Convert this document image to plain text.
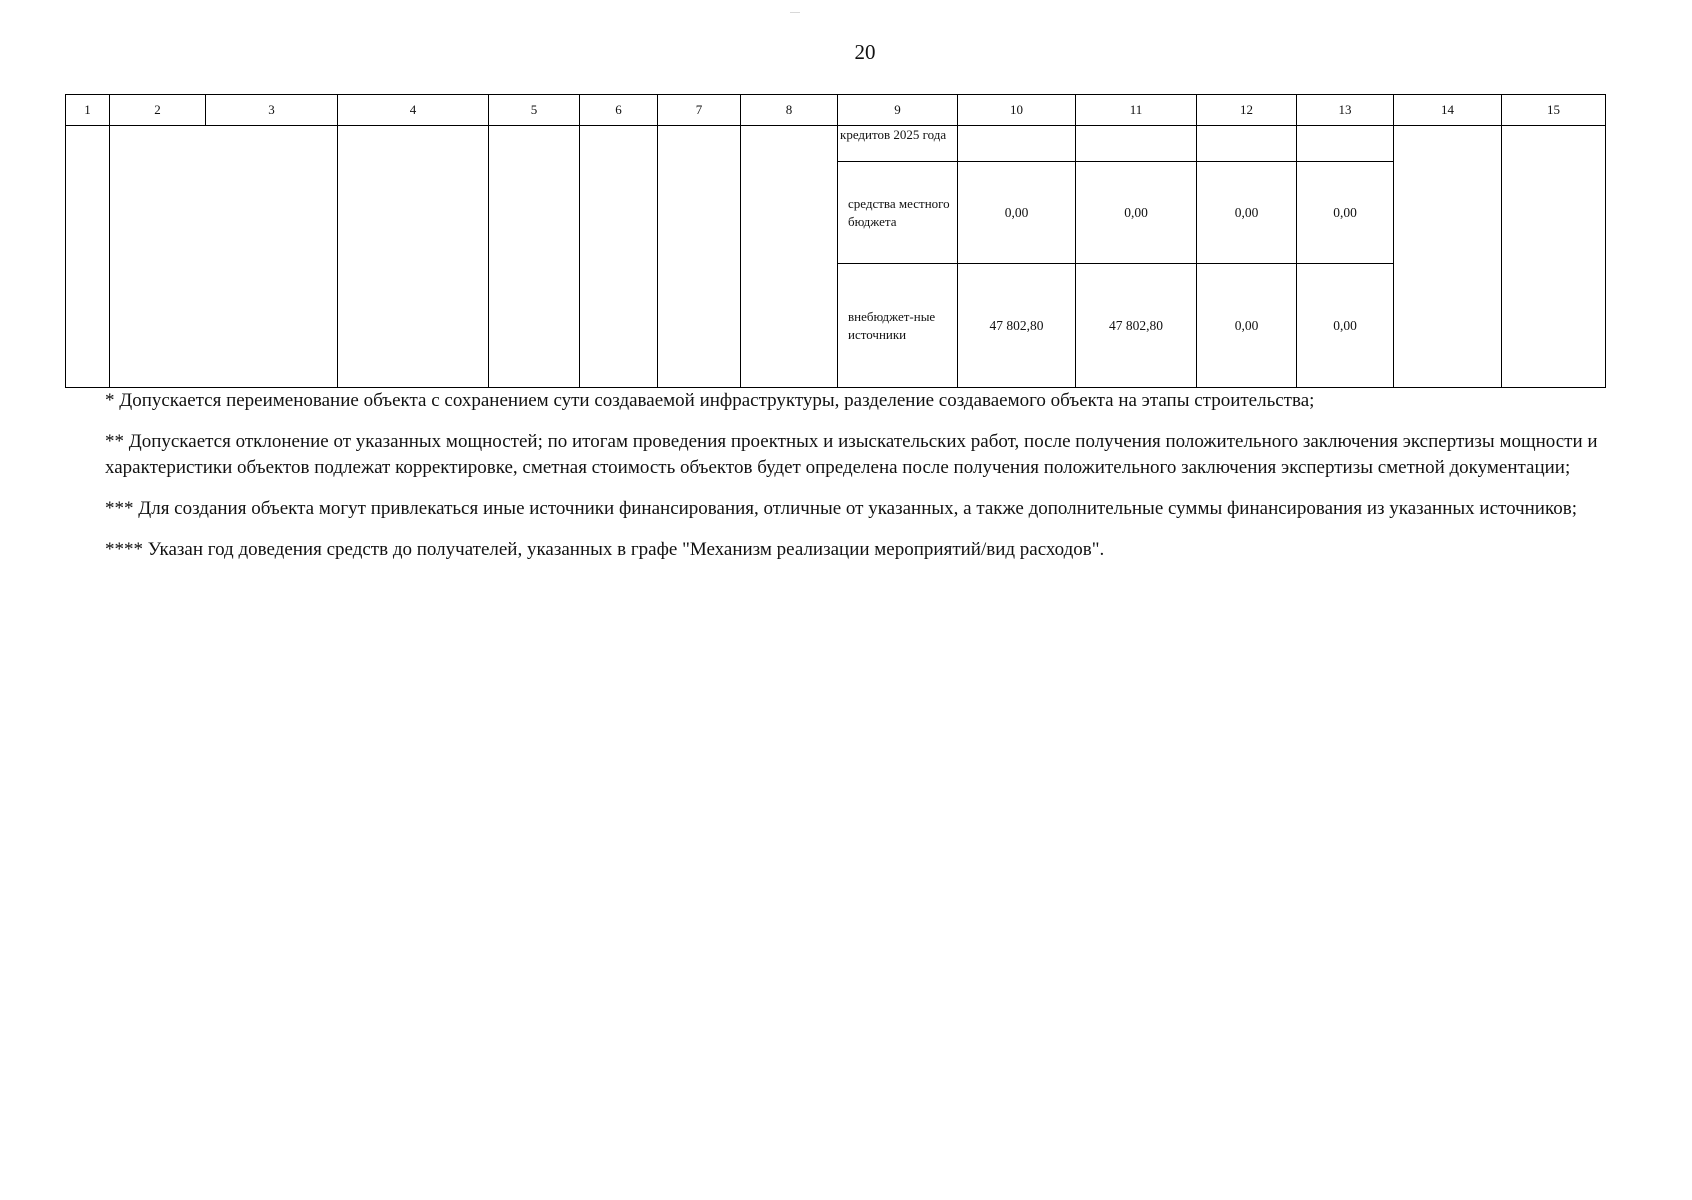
20
1	2	3	4	5	6	7	8	9	10	11	12	13	14	15
								кредитов 2025 года						
								средства местного бюджета	0,00	0,00	0,00	0,00		
								внебюджет-ные источники	47 802,80	47 802,80	0,00	0,00		

* Допускается переименование объекта с сохранением сути создаваемой инфраструктуры, разделение создаваемого объекта на этапы строительства;

** Допускается отклонение от указанных мощностей; по итогам проведения проектных и изыскательских работ, после получения положительного заключения экспертизы мощности и характеристики объектов подлежат корректировке, сметная стоимость объектов будет определена после получения положительного заключения экспертизы сметной документации;

*** Для создания объекта могут привлекаться иные источники финансирования, отличные от указанных, а также дополнительные суммы финансирования из указанных источников;

**** Указан год доведения средств до получателей, указанных в графе "Механизм реализации мероприятий/вид расходов".
